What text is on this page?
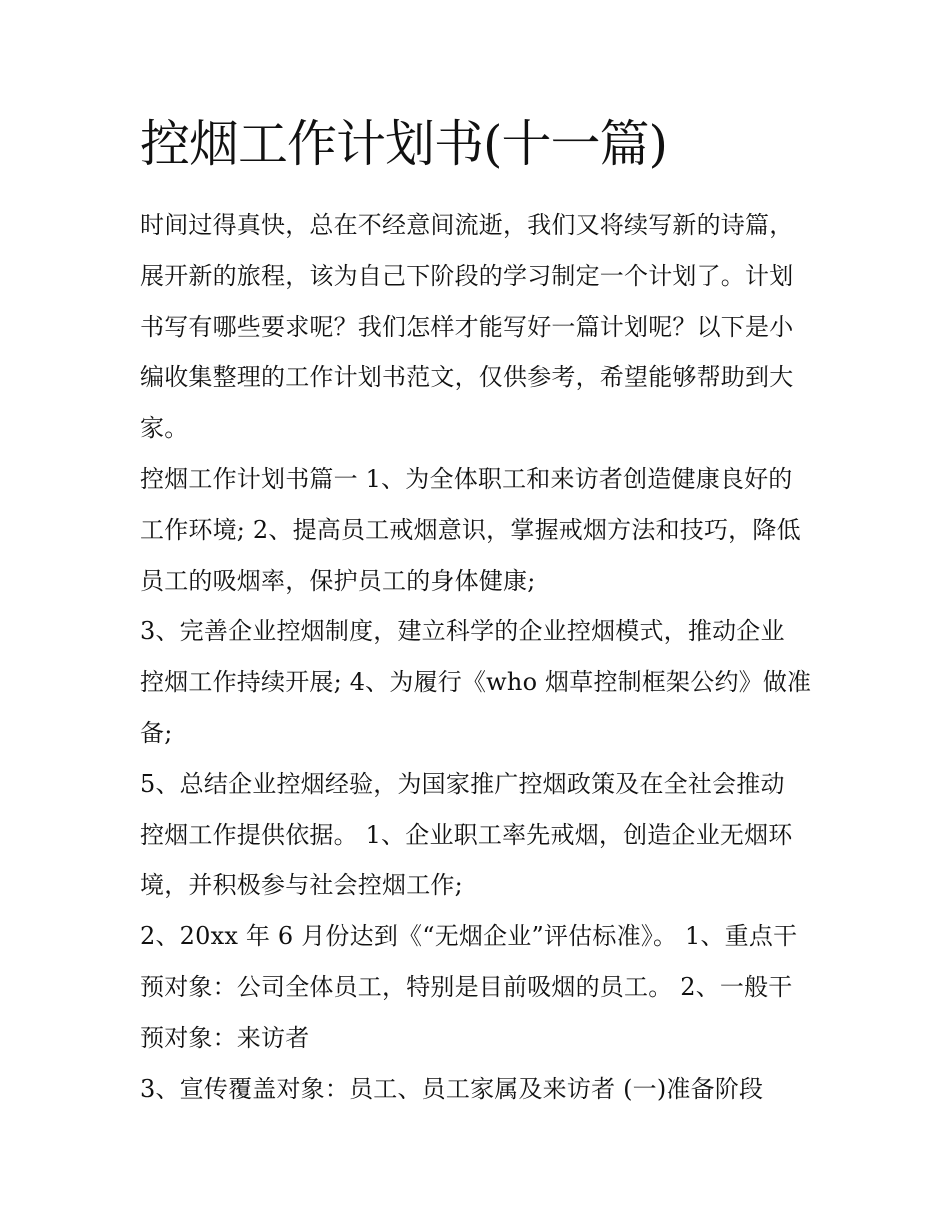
控烟工作计划书(十一篇)
时间过得真快，总在不经意间流逝，我们又将续写新的诗篇，
展开新的旅程，该为自己下阶段的学习制定一个计划了。计划
书写有哪些要求呢？我们怎样才能写好一篇计划呢？以下是小
编收集整理的工作计划书范文，仅供参考，希望能够帮助到大
家。
控烟工作计划书篇一 1、为全体职工和来访者创造健康良好的
工作环境; 2、提高员工戒烟意识，掌握戒烟方法和技巧，降低
员工的吸烟率，保护员工的身体健康;
3、完善企业控烟制度，建立科学的企业控烟模式，推动企业
控烟工作持续开展; 4、为履行《who 烟草控制框架公约》做准
备;
5、总结企业控烟经验，为国家推广控烟政策及在全社会推动
控烟工作提供依据。 1、企业职工率先戒烟，创造企业无烟环
境，并积极参与社会控烟工作;
2、20xx 年 6 月份达到《“无烟企业”评估标准》。 1、重点干
预对象：公司全体员工，特别是目前吸烟的员工。 2、一般干
预对象：来访者
3、宣传覆盖对象：员工、员工家属及来访者 (一)准备阶段
